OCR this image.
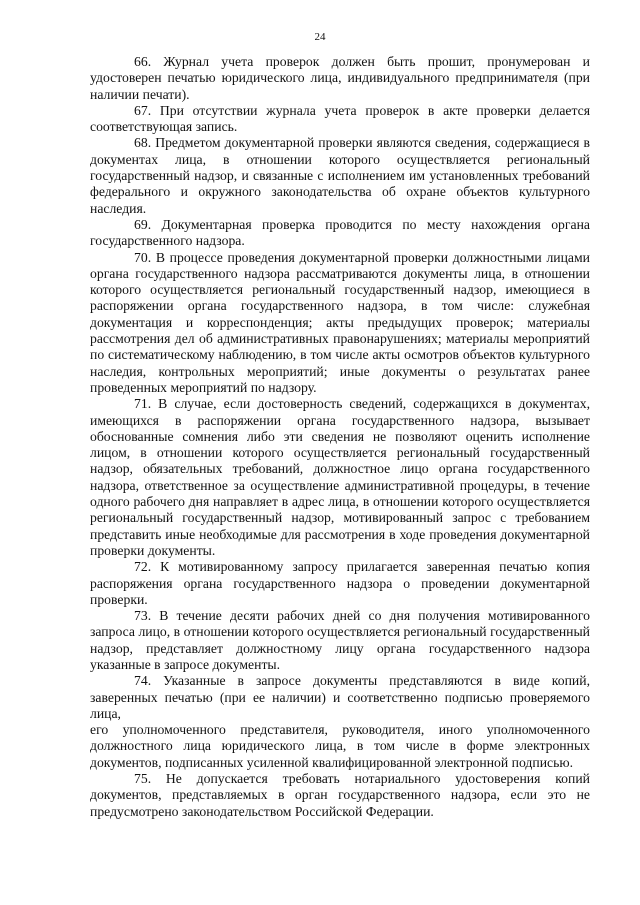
24

66. Журнал учета проверок должен быть прошит, пронумерован и удостоверен печатью юридического лица, индивидуального предпринимателя (при наличии печати).

67. При отсутствии журнала учета проверок в акте проверки делается соответствующая запись.

68. Предметом документарной проверки являются сведения, содержащиеся в документах лица, в отношении которого осуществляется региональный государственный надзор, и связанные с исполнением им установленных требований федерального и окружного законодательства об охране объектов культурного наследия.

69. Документарная проверка проводится по месту нахождения органа государственного надзора.

70. В процессе проведения документарной проверки должностными лицами органа государственного надзора рассматриваются документы лица, в отношении которого осуществляется региональный государственный надзор, имеющиеся в распоряжении органа государственного надзора, в том числе: служебная документация и корреспонденция; акты предыдущих проверок; материалы рассмотрения дел об административных правонарушениях; материалы мероприятий по систематическому наблюдению, в том числе акты осмотров объектов культурного наследия, контрольных мероприятий; иные документы о результатах ранее проведенных мероприятий по надзору.

71. В случае, если достоверность сведений, содержащихся в документах, имеющихся в распоряжении органа государственного надзора, вызывает обоснованные сомнения либо эти сведения не позволяют оценить исполнение лицом, в отношении которого осуществляется региональный государственный надзор, обязательных требований, должностное лицо органа государственного надзора, ответственное за осуществление административной процедуры, в течение одного рабочего дня направляет в адрес лица, в отношении которого осуществляется региональный государственный надзор, мотивированный запрос с требованием представить иные необходимые для рассмотрения в ходе проведения документарной проверки документы.

72. К мотивированному запросу прилагается заверенная печатью копия распоряжения органа государственного надзора о проведении документарной проверки.

73. В течение десяти рабочих дней со дня получения мотивированного запроса лицо, в отношении которого осуществляется региональный государственный надзор, представляет должностному лицу органа государственного надзора указанные в запросе документы.

74. Указанные в запросе документы представляются в виде копий, заверенных печатью (при ее наличии) и соответственно подписью проверяемого лица,

его уполномоченного представителя, руководителя, иного уполномоченного должностного лица юридического лица, в том числе в форме электронных документов, подписанных усиленной квалифицированной электронной подписью.

75. Не допускается требовать нотариального удостоверения копий документов, представляемых в орган государственного надзора, если это не предусмотрено законодательством Российской Федерации.
